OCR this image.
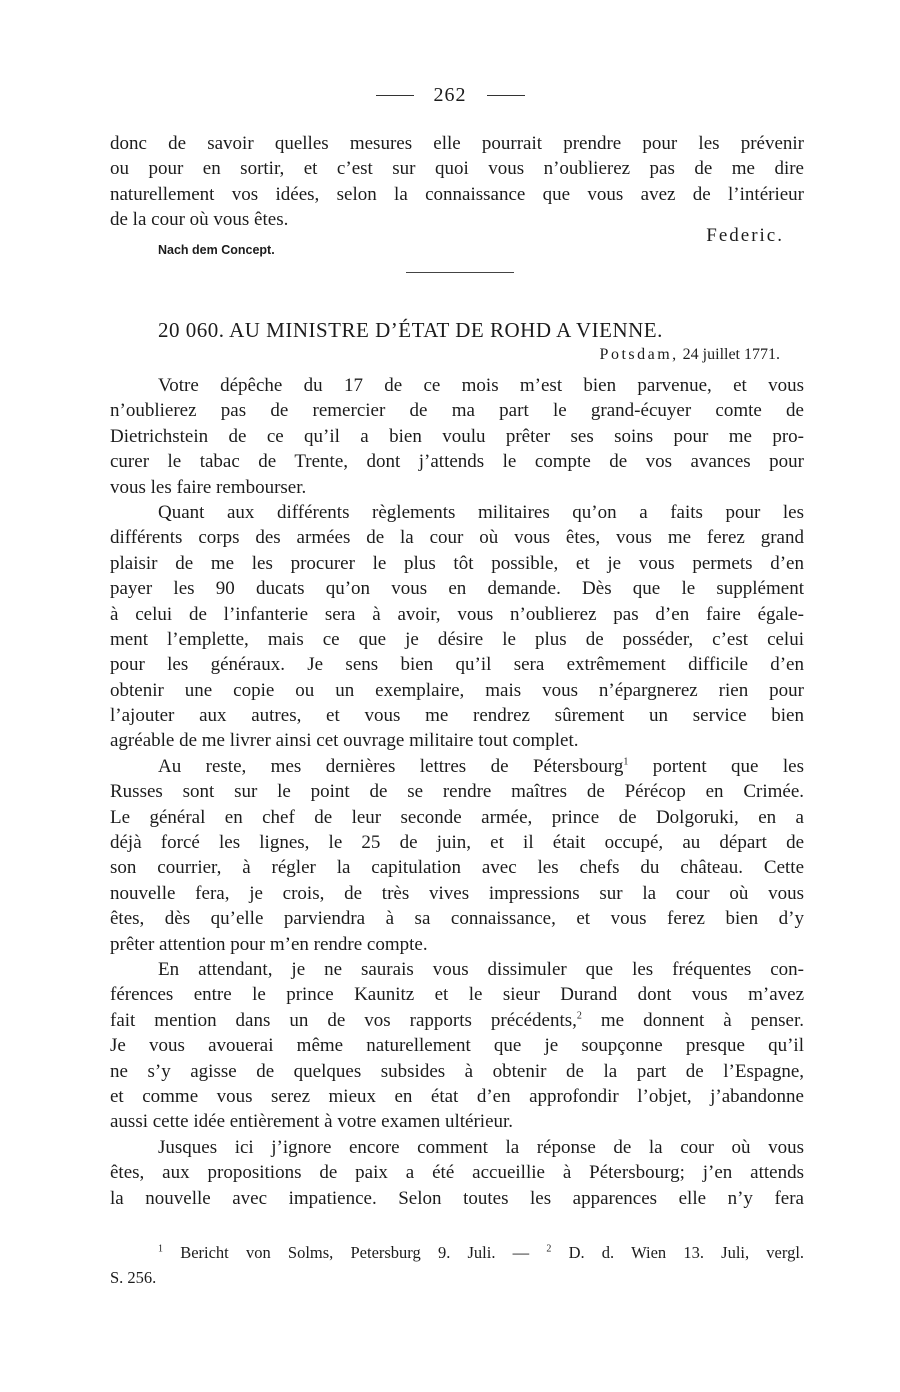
262
donc de savoir quelles mesures elle pourrait prendre pour les prévenir
ou pour en sortir, et c’est sur quoi vous n’oublierez pas de me dire
naturellement vos idées, selon la connaissance que vous avez de l’intérieur
de la cour où vous êtes.
Federic.
Nach dem Concept.
20 060. AU MINISTRE D’ÉTAT DE ROHD A VIENNE.
Potsdam, 24 juillet 1771.
Votre dépêche du 17 de ce mois m’est bien parvenue, et vous
n’oublierez pas de remercier de ma part le grand-écuyer comte de
Dietrichstein de ce qu’il a bien voulu prêter ses soins pour me pro-
curer le tabac de Trente, dont j’attends le compte de vos avances pour
vous les faire rembourser.
Quant aux différents règlements militaires qu’on a faits pour les
différents corps des armées de la cour où vous êtes, vous me ferez grand
plaisir de me les procurer le plus tôt possible, et je vous permets d’en
payer les 90 ducats qu’on vous en demande. Dès que le supplément
à celui de l’infanterie sera à avoir, vous n’oublierez pas d’en faire égale-
ment l’emplette, mais ce que je désire le plus de posséder, c’est celui
pour les généraux. Je sens bien qu’il sera extrêmement difficile d’en
obtenir une copie ou un exemplaire, mais vous n’épargnerez rien pour
l’ajouter aux autres, et vous me rendrez sûrement un service bien
agréable de me livrer ainsi cet ouvrage militaire tout complet.
Au reste, mes dernières lettres de Pétersbourg$^1$ portent que les
Russes sont sur le point de se rendre maîtres de Pérécop en Crimée.
Le général en chef de leur seconde armée, prince de Dolgoruki, en a
déjà forcé les lignes, le 25 de juin, et il était occupé, au départ de
son courrier, à régler la capitulation avec les chefs du château. Cette
nouvelle fera, je crois, de très vives impressions sur la cour où vous
êtes, dès qu’elle parviendra à sa connaissance, et vous ferez bien d’y
prêter attention pour m’en rendre compte.
En attendant, je ne saurais vous dissimuler que les fréquentes con-
férences entre le prince Kaunitz et le sieur Durand dont vous m’avez
fait mention dans un de vos rapports précédents,$^2$ me donnent à penser.
Je vous avouerai même naturellement que je soupçonne presque qu’il
ne s’y agisse de quelques subsides à obtenir de la part de l’Espagne,
et comme vous serez mieux en état d’en approfondir l’objet, j’abandonne
aussi cette idée entièrement à votre examen ultérieur.
Jusques ici j’ignore encore comment la réponse de la cour où vous
êtes, aux propositions de paix a été accueillie à Pétersbourg; j’en attends
la nouvelle avec impatience. Selon toutes les apparences elle n’y fera
$^1$ Bericht von Solms, Petersburg 9. Juli. — $^2$ D. d. Wien 13. Juli, vergl.
S. 256.
